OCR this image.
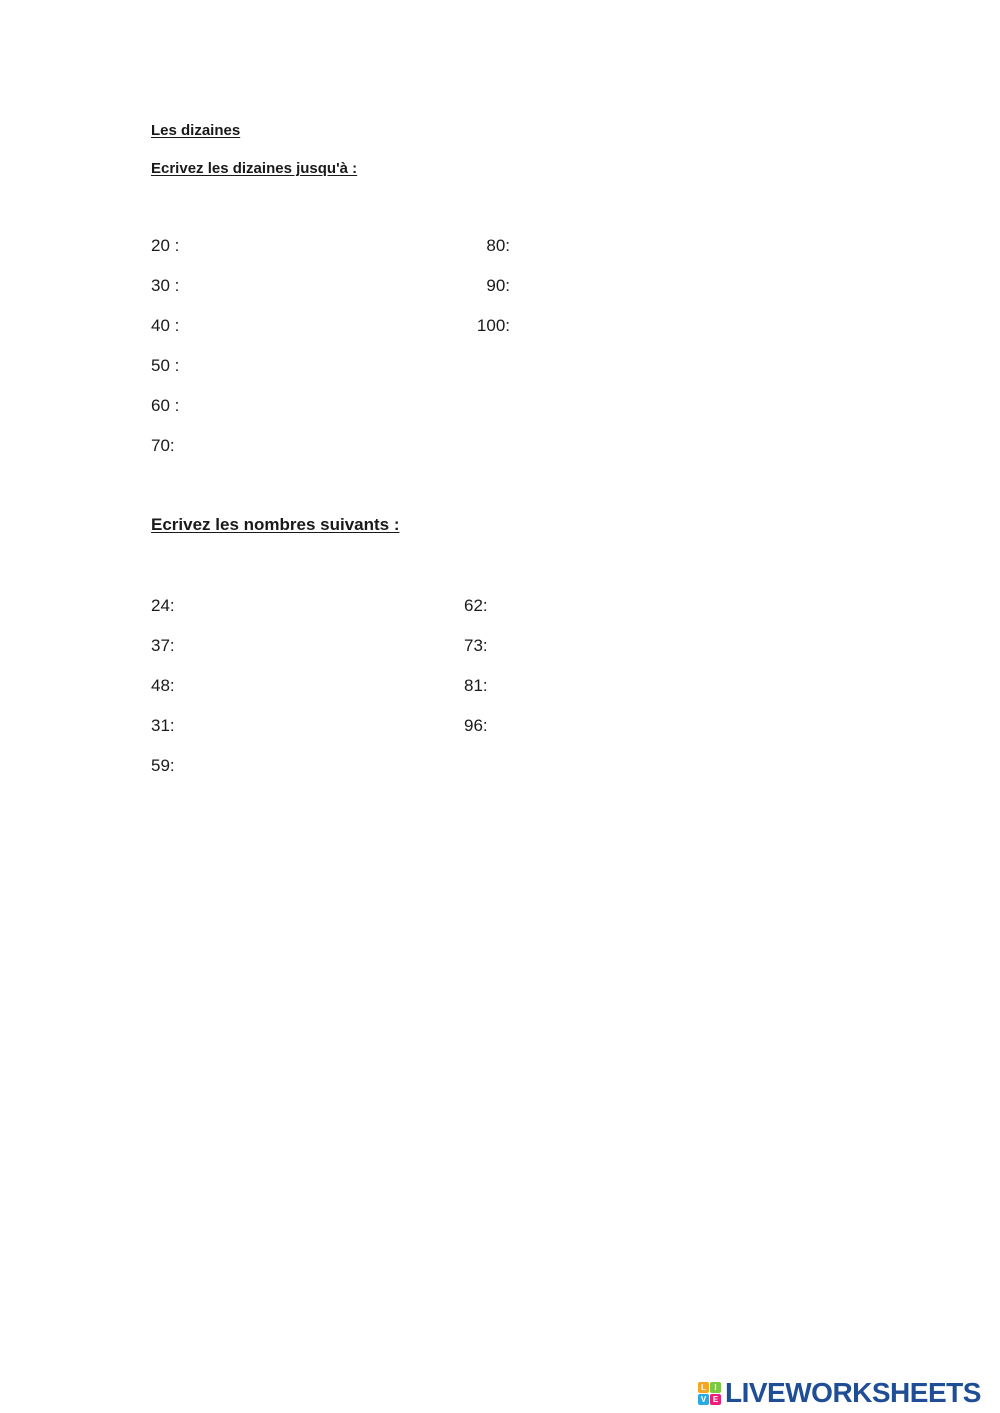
Les dizaines
Ecrivez les dizaines jusqu'à :
20 :
30 :
40 :
50 :
60 :
70:
80:
90:
100:
Ecrivez les nombres suivants :
24:
37:
48:
31:
59:
62:
73:
81:
96:
L	I
V E LIVEWORKSHEETS
